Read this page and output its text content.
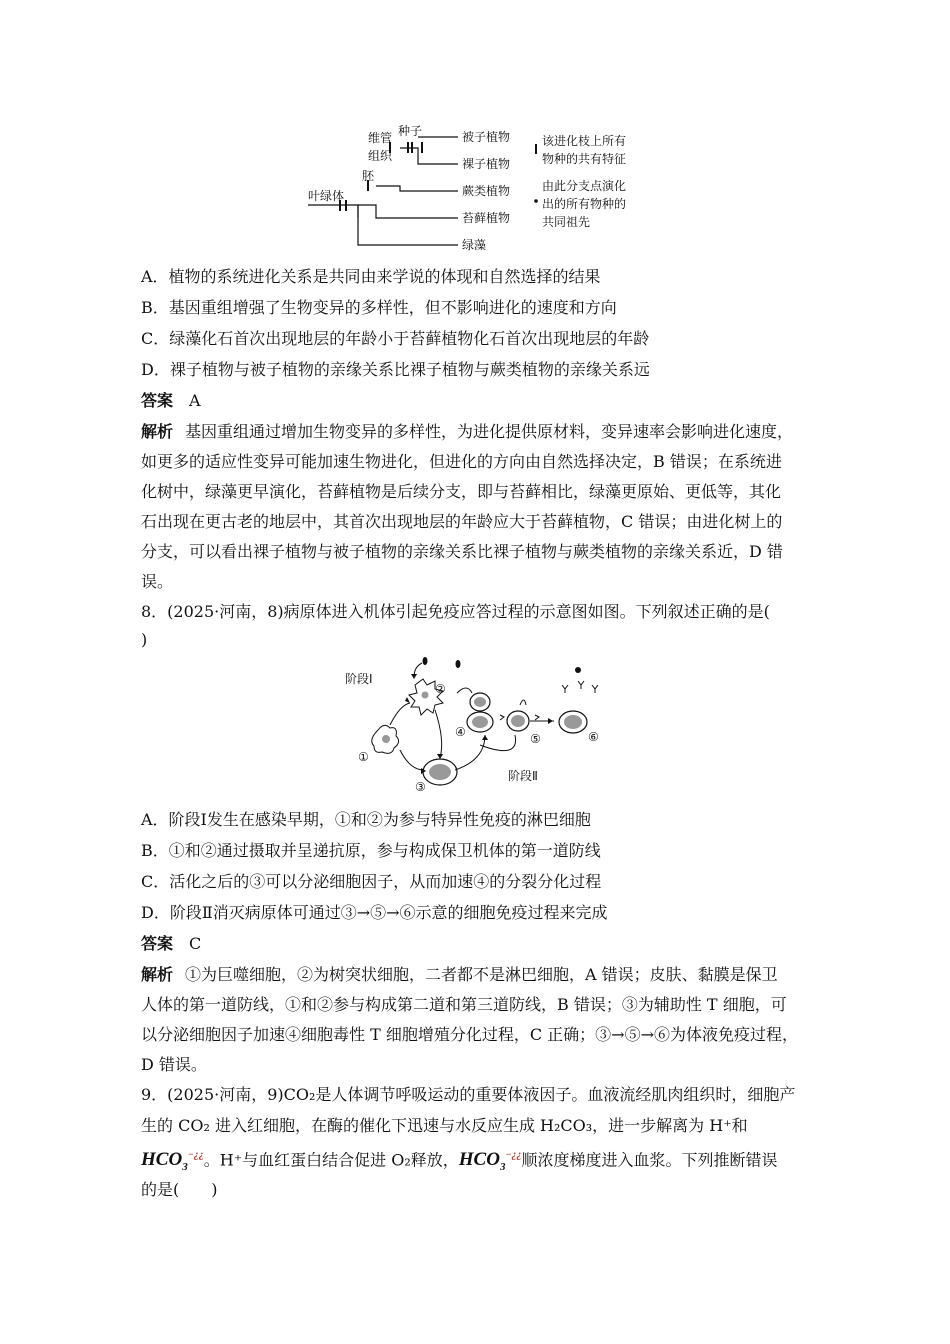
维管
组织
种子
胚
叶绿体
被子植物
裸子植物
蕨类植物
苔藓植物
绿藻
该进化枝上所有
物种的共有特征
由此分支点演化
出的所有物种的
共同祖先
A．植物的系统进化关系是共同由来学说的体现和自然选择的结果
B．基因重组增强了生物变异的多样性，但不影响进化的速度和方向
C．绿藻化石首次出现地层的年龄小于苔藓植物化石首次出现地层的年龄
D．裸子植物与被子植物的亲缘关系比裸子植物与蕨类植物的亲缘关系远
答案 A
解析 基因重组通过增加生物变异的多样性，为进化提供原材料，变异速率会影响进化速度，
如更多的适应性变异可能加速生物进化，但进化的方向由自然选择决定，B 错误；在系统进
化树中，绿藻更早演化，苔藓植物是后续分支，即与苔藓相比，绿藻更原始、更低等，其化
石出现在更古老的地层中，其首次出现地层的年龄应大于苔藓植物，C 错误；由进化树上的
分支，可以看出裸子植物与被子植物的亲缘关系比裸子植物与蕨类植物的亲缘关系近，D 错
误。
8．(2025·河南，8)病原体进入机体引起免疫应答过程的示意图如图。下列叙述正确的是(
)
阶段Ⅰ
阶段Ⅱ
①
②
③
④	⑤	⑥
A．阶段Ⅰ发生在感染早期，①和②为参与特异性免疫的淋巴细胞
B．①和②通过摄取并呈递抗原，参与构成保卫机体的第一道防线
C．活化之后的③可以分泌细胞因子，从而加速④的分裂分化过程
D．阶段Ⅱ消灭病原体可通过③→⑤→⑥示意的细胞免疫过程来完成
答案 C
解析 ①为巨噬细胞，②为树突状细胞，二者都不是淋巴细胞，A 错误；皮肤、黏膜是保卫
人体的第一道防线，①和②参与构成第二道和第三道防线，B 错误；③为辅助性 T 细胞，可
以分泌细胞因子加速④细胞毒性 T 细胞增殖分化过程，C 正确；③→⑤→⑥为体液免疫过程，
D 错误。
9．(2025·河南，9)CO₂是人体调节呼吸运动的重要体液因子。血液流经肌肉组织时，细胞产
生的 CO₂ 进入红细胞，在酶的催化下迅速与水反应生成 H₂CO₃，进一步解离为 H⁺和
$HCO_3^{-¿¿}$。H⁺与血红蛋白结合促进 O₂释放，$HCO_3^{-¿¿}$顺浓度梯度进入血浆。下列推断错误
的是(　　)
